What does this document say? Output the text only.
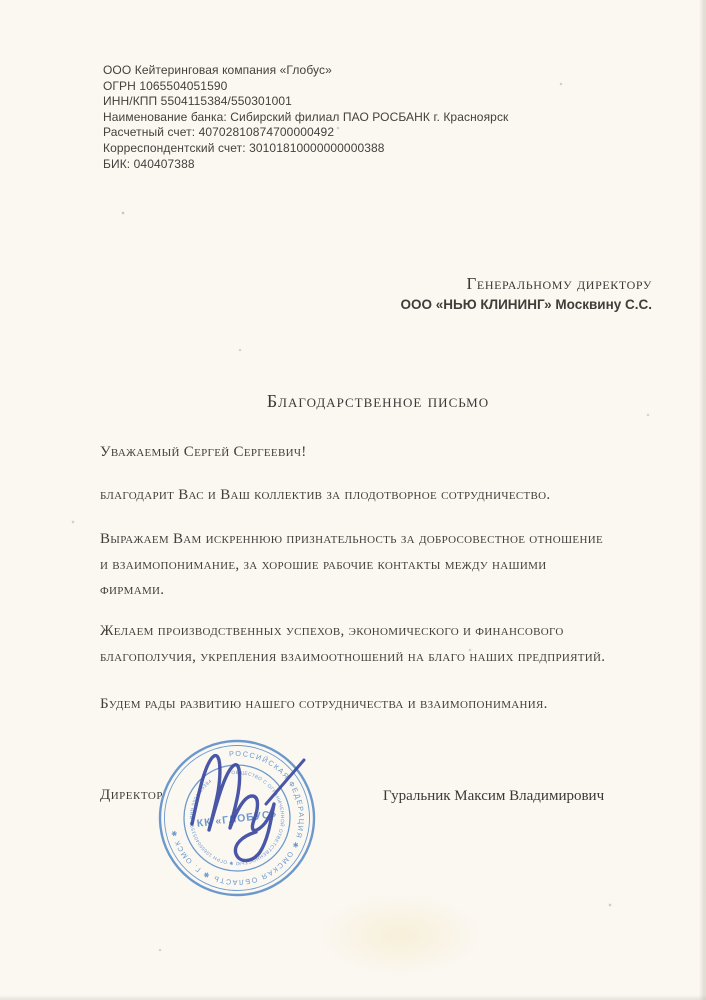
ООО Кейтеринговая компания «Глобус»
ОГРН 1065504051590
ИНН/КПП 5504115384/550301001
Наименование банка: Сибирский филиал ПАО РОСБАНК г. Красноярск
Расчетный счет: 40702810874700000492
Корреспондентский счет: 30101810000000000388
БИК: 040407388
Генеральному директору
ООО «НЬЮ КЛИНИНГ» Москвину С.С.
Благодарственное письмо
Уважаемый Сергей Сергеевич!
благодарит Вас и Ваш коллектив за плодотворное сотрудничество.
Выражаем Вам искреннюю признательность за добросовестное отношение
и взаимопонимание, за хорошие рабочие контакты между нашими
фирмами.
Желаем производственных успехов, экономического и финансового
благополучия, укрепления взаимоотношений на благо наших предприятий.
Будем рады развитию нашего сотрудничества и взаимопонимания.
Директор	Гуральник Максим Владимирович
РОССИЙСКАЯ ФЕДЕРАЦИЯ ✱ ОМСКАЯ ОБЛАСТЬ ✱ Г. ОМСК ✱
ОБЩЕСТВО С ОГРАНИЧЕННОЙ ОТВЕТСТВЕННОСТЬЮ ✱ ОГРН 1065504051590 ИНН 5504115384
КК «ГЛОБУС»
